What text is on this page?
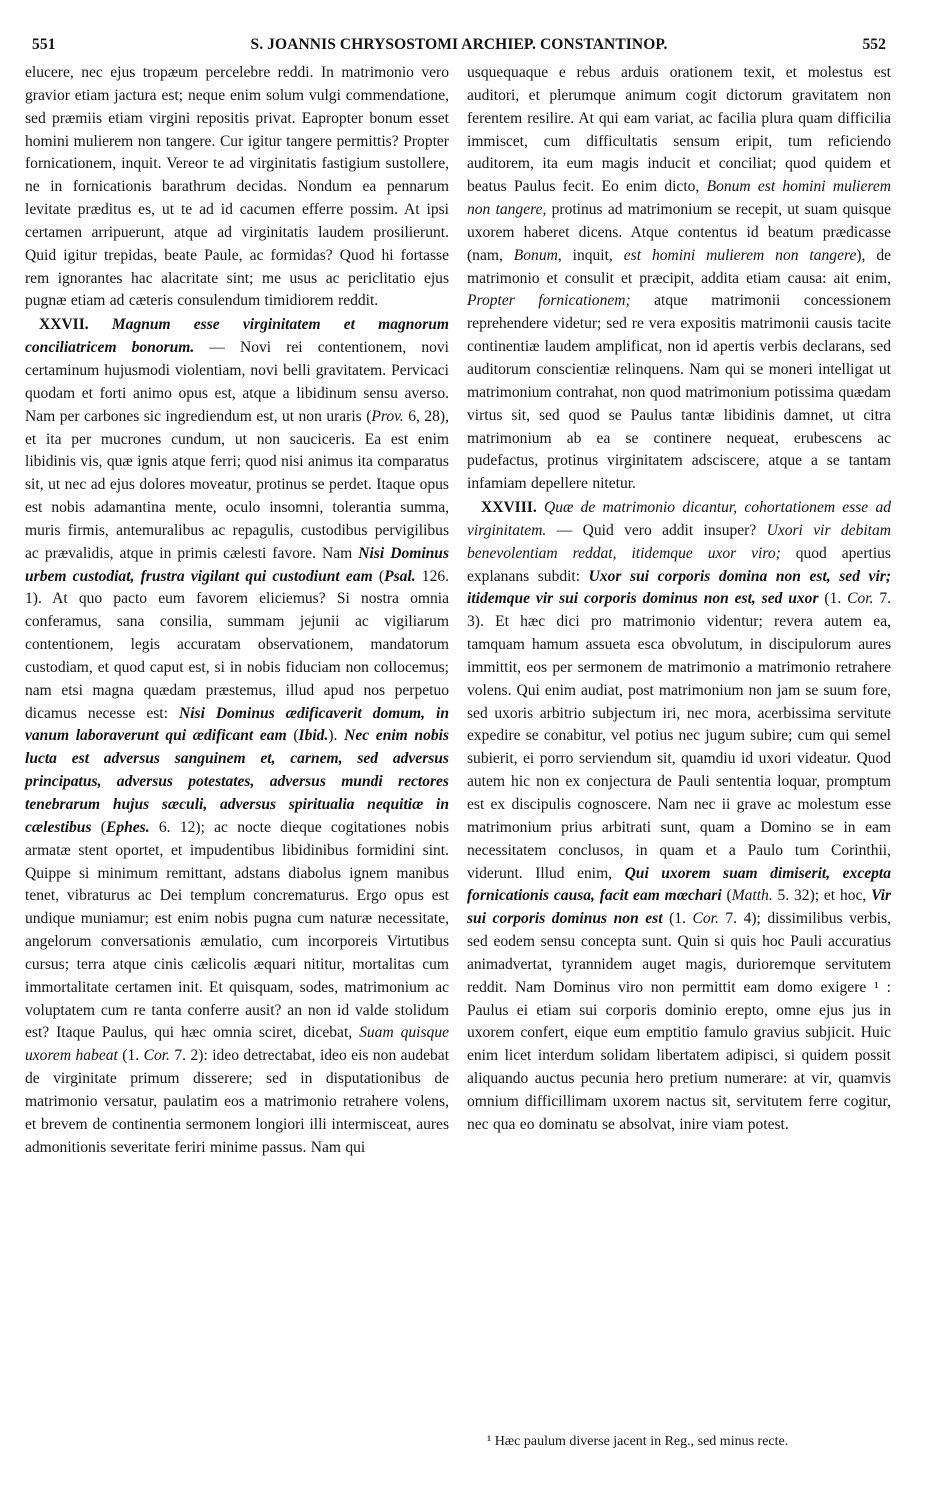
551	S. JOANNIS CHRYSOSTOMI ARCHIEP. CONSTANTINOP.	552

elucere, nec ejus tropæum percelebre reddi. In matrimonio vero gravior etiam jactura est; neque enim solum vulgi commendatione, sed præmiis etiam virgini repositis privat. Eapropter bonum esset homini mulierem non tangere. Cur igitur tangere permittis? Propter fornicationem, inquit. Vereor te ad virginitatis fastigium sustollere, ne in fornicationis barathrum decidas. Nondum ea pennarum levitate præditus es, ut te ad id cacumen efferre possim. At ipsi certamen arripuerunt, atque ad virginitatis laudem prosilierunt. Quid igitur trepidas, beate Paule, ac formidas? Quod hi fortasse rem ignorantes hac alacritate sint; me usus ac periclitatio ejus pugnæ etiam ad cæteris consulendum timidiorem reddit.

XXVII. Magnum esse virginitatem et magnorum conciliatricem bonorum. — Novi rei contentionem, novi certaminum hujusmodi violentiam, novi belli gravitatem. Pervicaci quodam et forti animo opus est, atque a libidinum sensu averso. Nam per carbones sic ingrediendum est, ut non uraris (Prov. 6, 28), et ita per mucrones cundum, ut non sauciceris. Ea est enim libidinis vis, quæ ignis atque ferri; quod nisi animus ita comparatus sit, ut nec ad ejus dolores moveatur, protinus se perdet. Itaque opus est nobis adamantina mente, oculo insomni, tolerantia summa, muris firmis, antemuralibus ac repagulis, custodibus pervigilibus ac prævalidis, atque in primis cælesti favore. Nam Nisi Dominus urbem custodiat, frustra vigilant qui custodiunt eam (Psal. 126. 1). At quo pacto eum favorem eliciemus? Si nostra omnia conferamus, sana consilia, summam jejunii ac vigiliarum contentionem, legis accuratam observationem, mandatorum custodiam, et quod caput est, si in nobis fiduciam non collocemus; nam etsi magna quædam præstemus, illud apud nos perpetuo dicamus necesse est: Nisi Dominus ædificaverit domum, in vanum laboraverunt qui ædificant eam (Ibid.). Nec enim nobis lucta est adversus sanguinem et, carnem, sed adversus principatus, adversus potestates, adversus mundi rectores tenebrarum hujus sæculi, adversus spiritualia nequitiæ in cælestibus (Ephes. 6. 12); ac nocte dieque cogitationes nobis armatæ stent oportet, et impudentibus libidinibus formidini sint. Quippe si minimum remittant, adstans diabolus ignem manibus tenet, vibraturus ac Dei templum concrematurus. Ergo opus est undique muniamur; est enim nobis pugna cum naturæ necessitate, angelorum conversationis æmulatio, cum incorporeis Virtutibus cursus; terra atque cinis cælicolis æquari nititur, mortalitas cum immortalitate certamen init. Et quisquam, sodes, matrimonium ac voluptatem cum re tanta conferre ausit? an non id valde stolidum est? Itaque Paulus, qui hæc omnia sciret, dicebat, Suam quisque uxorem habeat (1. Cor. 7. 2): ideo detrectabat, ideo eis non audebat de virginitate primum disserere; sed in disputationibus de matrimonio versatur, paulatim eos a matrimonio retrahere volens, et brevem de continentia sermonem longiori illi intermisceat, aures admonitionis severitate feriri minime passus. Nam qui

usquequaque e rebus arduis orationem texit, et molestus est auditori, et plerumque animum cogit dictorum gravitatem non ferentem resilire. At qui eam variat, ac facilia plura quam difficilia immiscet, cum difficultatis sensum eripit, tum reficiendo auditorem, ita eum magis inducit et conciliat; quod quidem et beatus Paulus fecit. Eo enim dicto, Bonum est homini mulierem non tangere, protinus ad matrimonium se recepit, ut suam quisque uxorem haberet dicens. Atque contentus id beatum prædicasse (nam, Bonum, inquit, est homini mulierem non tangere), de matrimonio et consulit et præcipit, addita etiam causa: ait enim, Propter fornicationem; atque matrimonii concessionem reprehendere videtur; sed re vera expositis matrimonii causis tacite continentiæ laudem amplificat, non id apertis verbis declarans, sed auditorum conscientiæ relinquens. Nam qui se moneri intelligat ut matrimonium contrahat, non quod matrimonium potissima quædam virtus sit, sed quod se Paulus tantæ libidinis damnet, ut citra matrimonium ab ea se continere nequeat, erubescens ac pudefactus, protinus virginitatem adsciscere, atque a se tantam infamiam depellere nitetur.

XXVIII. Quæ de matrimonio dicantur, cohortationem esse ad virginitatem. — Quid vero addit insuper? Uxori vir debitam benevolentiam reddat, itidemque uxor viro; quod apertius explanans subdit: Uxor sui corporis domina non est, sed vir; itidemque vir sui corporis dominus non est, sed uxor (1. Cor. 7. 3). Et hæc dici pro matrimonio videntur; revera autem ea, tamquam hamum assueta esca obvolutum, in discipulorum aures immittit, eos per sermonem de matrimonio a matrimonio retrahere volens. Qui enim audiat, post matrimonium non jam se suum fore, sed uxoris arbitrio subjectum iri, nec mora, acerbissima servitute expedire se conabitur, vel potius nec jugum subire; cum qui semel subierit, ei porro serviendum sit, quamdiu id uxori videatur. Quod autem hic non ex conjectura de Pauli sententia loquar, promptum est ex discipulis cognoscere. Nam nec ii grave ac molestum esse matrimonium prius arbitrati sunt, quam a Domino se in eam necessitatem conclusos, in quam et a Paulo tum Corinthii, viderunt. Illud enim, Qui uxorem suam dimiserit, excepta fornicationis causa, facit eam mœchari (Matth. 5. 32); et hoc, Vir sui corporis dominus non est (1. Cor. 7. 4); dissimilibus verbis, sed eodem sensu concepta sunt. Quin si quis hoc Pauli accuratius animadvertat, tyrannidem auget magis, durioremque servitutem reddit. Nam Dominus viro non permittit eam domo exigere ¹ : Paulus ei etiam sui corporis dominio erepto, omne ejus jus in uxorem confert, eique eum emptitio famulo gravius subjicit. Huic enim licet interdum solidam libertatem adipisci, si quidem possit aliquando auctus pecunia hero pretium numerare: at vir, quamvis omnium difficillimam uxorem nactus sit, servitutem ferre cogitur, nec qua eo dominatu se absolvat, inire viam potest.

¹ Hæc paulum diverse jacent in Reg., sed minus recte.
